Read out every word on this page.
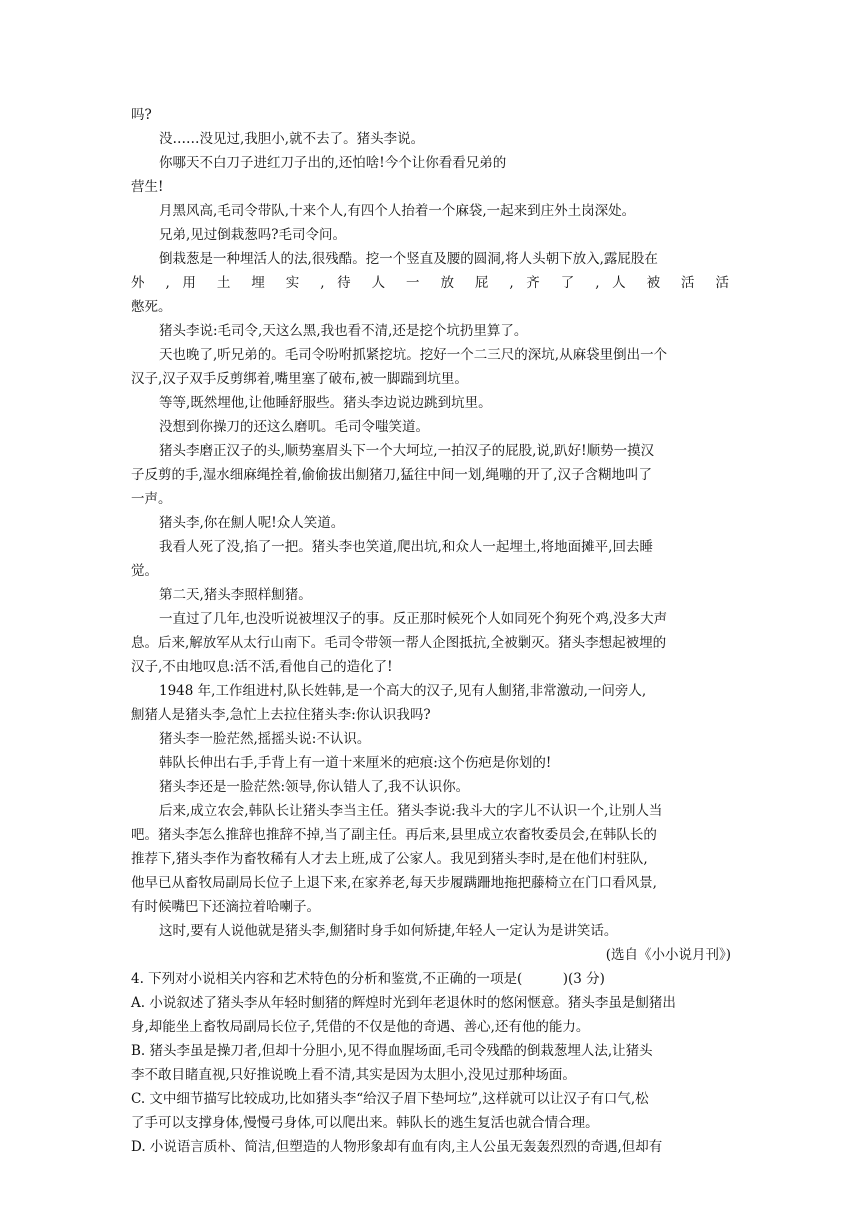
吗?

没……没见过,我胆小,就不去了。猪头李说。

你哪天不白刀子进红刀子出的,还怕啥!今个让你看看兄弟的

营生!

月黑风高,毛司令带队,十来个人,有四个人抬着一个麻袋,一起来到庄外土岗深处。

兄弟,见过倒栽葱吗?毛司令问。

倒栽葱是一种埋活人的法,很残酷。挖一个竖直及腰的圆洞,将人头朝下放入,露屁股在

外 , 用 土 埋 实 , 待 人 一 放 屁 , 齐 了 , 人 被 活 活

憋死。

猪头李说:毛司令,天这么黑,我也看不清,还是挖个坑扔里算了。

天也晚了,听兄弟的。毛司令吩咐抓紧挖坑。挖好一个二三尺的深坑,从麻袋里倒出一个

汉子,汉子双手反剪绑着,嘴里塞了破布,被一脚踹到坑里。

等等,既然埋他,让他睡舒服些。猪头李边说边跳到坑里。

没想到你操刀的还这么磨叽。毛司令嗤笑道。

猪头李磨正汉子的头,顺势塞眉头下一个大坷垃,一拍汉子的屁股,说,趴好!顺势一摸汉

子反剪的手,湿水细麻绳拴着,偷偷拔出劁猪刀,猛往中间一划,绳嘣的开了,汉子含糊地叫了

一声。

猪头李,你在劁人呢!众人笑道。

我看人死了没,掐了一把。猪头李也笑道,爬出坑,和众人一起埋土,将地面摊平,回去睡

觉。

第二天,猪头李照样劁猪。

一直过了几年,也没听说被埋汉子的事。反正那时候死个人如同死个狗死个鸡,没多大声

息。后来,解放军从太行山南下。毛司令带领一帮人企图抵抗,全被剿灭。猪头李想起被埋的

汉子,不由地叹息:活不活,看他自己的造化了!

1948 年,工作组进村,队长姓韩,是一个高大的汉子,见有人劁猪,非常激动,一问旁人,

劁猪人是猪头李,急忙上去拉住猪头李:你认识我吗?

猪头李一脸茫然,摇摇头说:不认识。

韩队长伸出右手,手背上有一道十来厘米的疤痕:这个伤疤是你划的!

猪头李还是一脸茫然:领导,你认错人了,我不认识你。

后来,成立农会,韩队长让猪头李当主任。猪头李说:我斗大的字儿不认识一个,让别人当

吧。猪头李怎么推辞也推辞不掉,当了副主任。再后来,县里成立农畜牧委员会,在韩队长的

推荐下,猪头李作为畜牧稀有人才去上班,成了公家人。我见到猪头李时,是在他们村驻队,

他早已从畜牧局副局长位子上退下来,在家养老,每天步履蹒跚地拖把藤椅立在门口看风景,

有时候嘴巴下还滴拉着哈喇子。

这时,要有人说他就是猪头李,劁猪时身手如何矫捷,年轻人一定认为是讲笑话。

(选自《小小说月刊》)

4. 下列对小说相关内容和艺术特色的分析和鉴赏,不正确的一项是(　　　)(3 分)

A. 小说叙述了猪头李从年轻时劁猪的辉煌时光到年老退休时的悠闲惬意。猪头李虽是劁猪出

身,却能坐上畜牧局副局长位子,凭借的不仅是他的奇遇、善心,还有他的能力。

B. 猪头李虽是操刀者,但却十分胆小,见不得血腥场面,毛司令残酷的倒栽葱埋人法,让猪头

李不敢目睹直视,只好推说晚上看不清,其实是因为太胆小,没见过那种场面。

C. 文中细节描写比较成功,比如猪头李“给汉子眉下垫坷垃”,这样就可以让汉子有口气,松

了手可以支撑身体,慢慢弓身体,可以爬出来。韩队长的逃生复活也就合情合理。

D. 小说语言质朴、简洁,但塑造的人物形象却有血有肉,主人公虽无轰轰烈烈的奇遇,但却有
